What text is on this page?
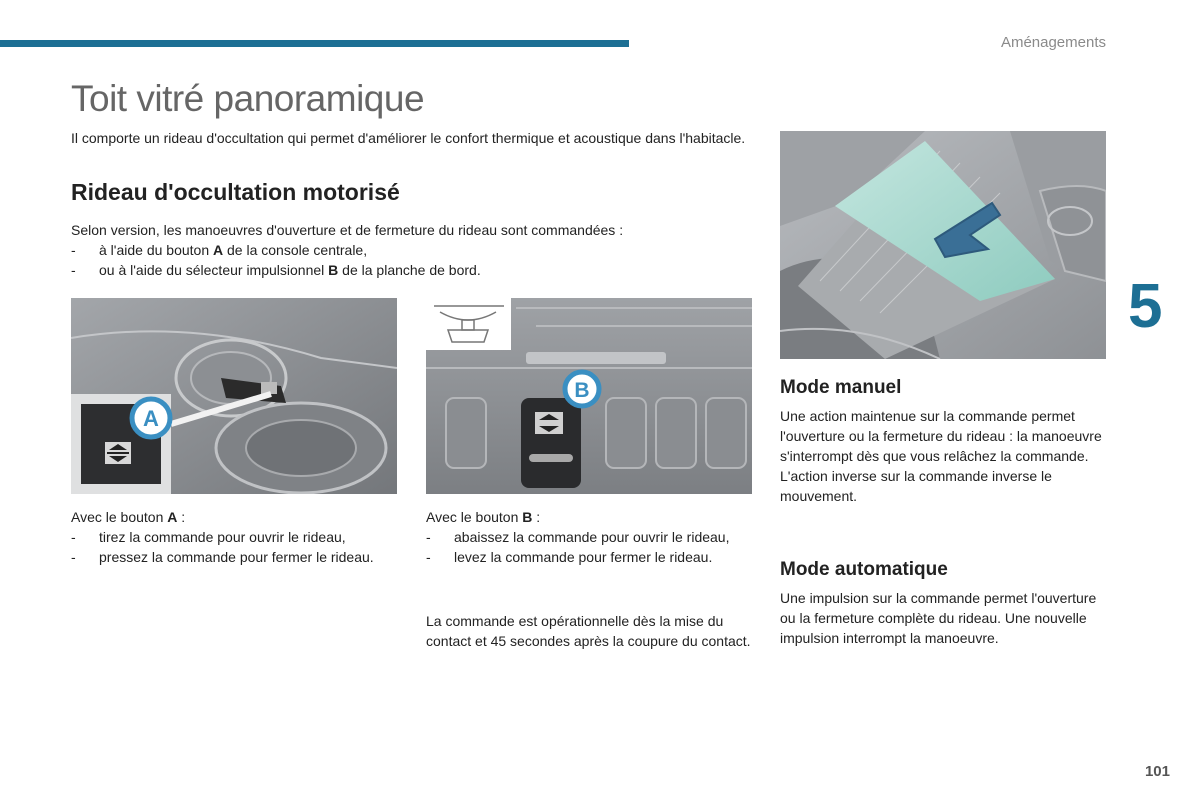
Aménagements
5
101
Toit vitré panoramique

Il comporte un rideau d'occultation qui permet d'améliorer le confort thermique et acoustique dans l'habitacle.

Rideau d'occultation motorisé

Selon version, les manoeuvres d'ouverture et de fermeture du rideau sont commandées :

- à l'aide du bouton A de la console centrale,
- ou à l'aide du sélecteur impulsionnel B de la planche de bord.
A
B

Avec le bouton A :

- tirez la commande pour ouvrir le rideau,
- pressez la commande pour fermer le rideau.

Avec le bouton B :

- abaissez la commande pour ouvrir le rideau,
- levez la commande pour fermer le rideau.

La commande est opérationnelle dès la mise du contact et 45 secondes après la coupure du contact.

Mode manuel

Une action maintenue sur la commande permet l'ouverture ou la fermeture du rideau : la manoeuvre s'interrompt dès que vous relâchez la commande. L'action inverse sur la commande inverse le mouvement.

Mode automatique

Une impulsion sur la commande permet l'ouverture ou la fermeture complète du rideau. Une nouvelle impulsion interrompt la manoeuvre.
